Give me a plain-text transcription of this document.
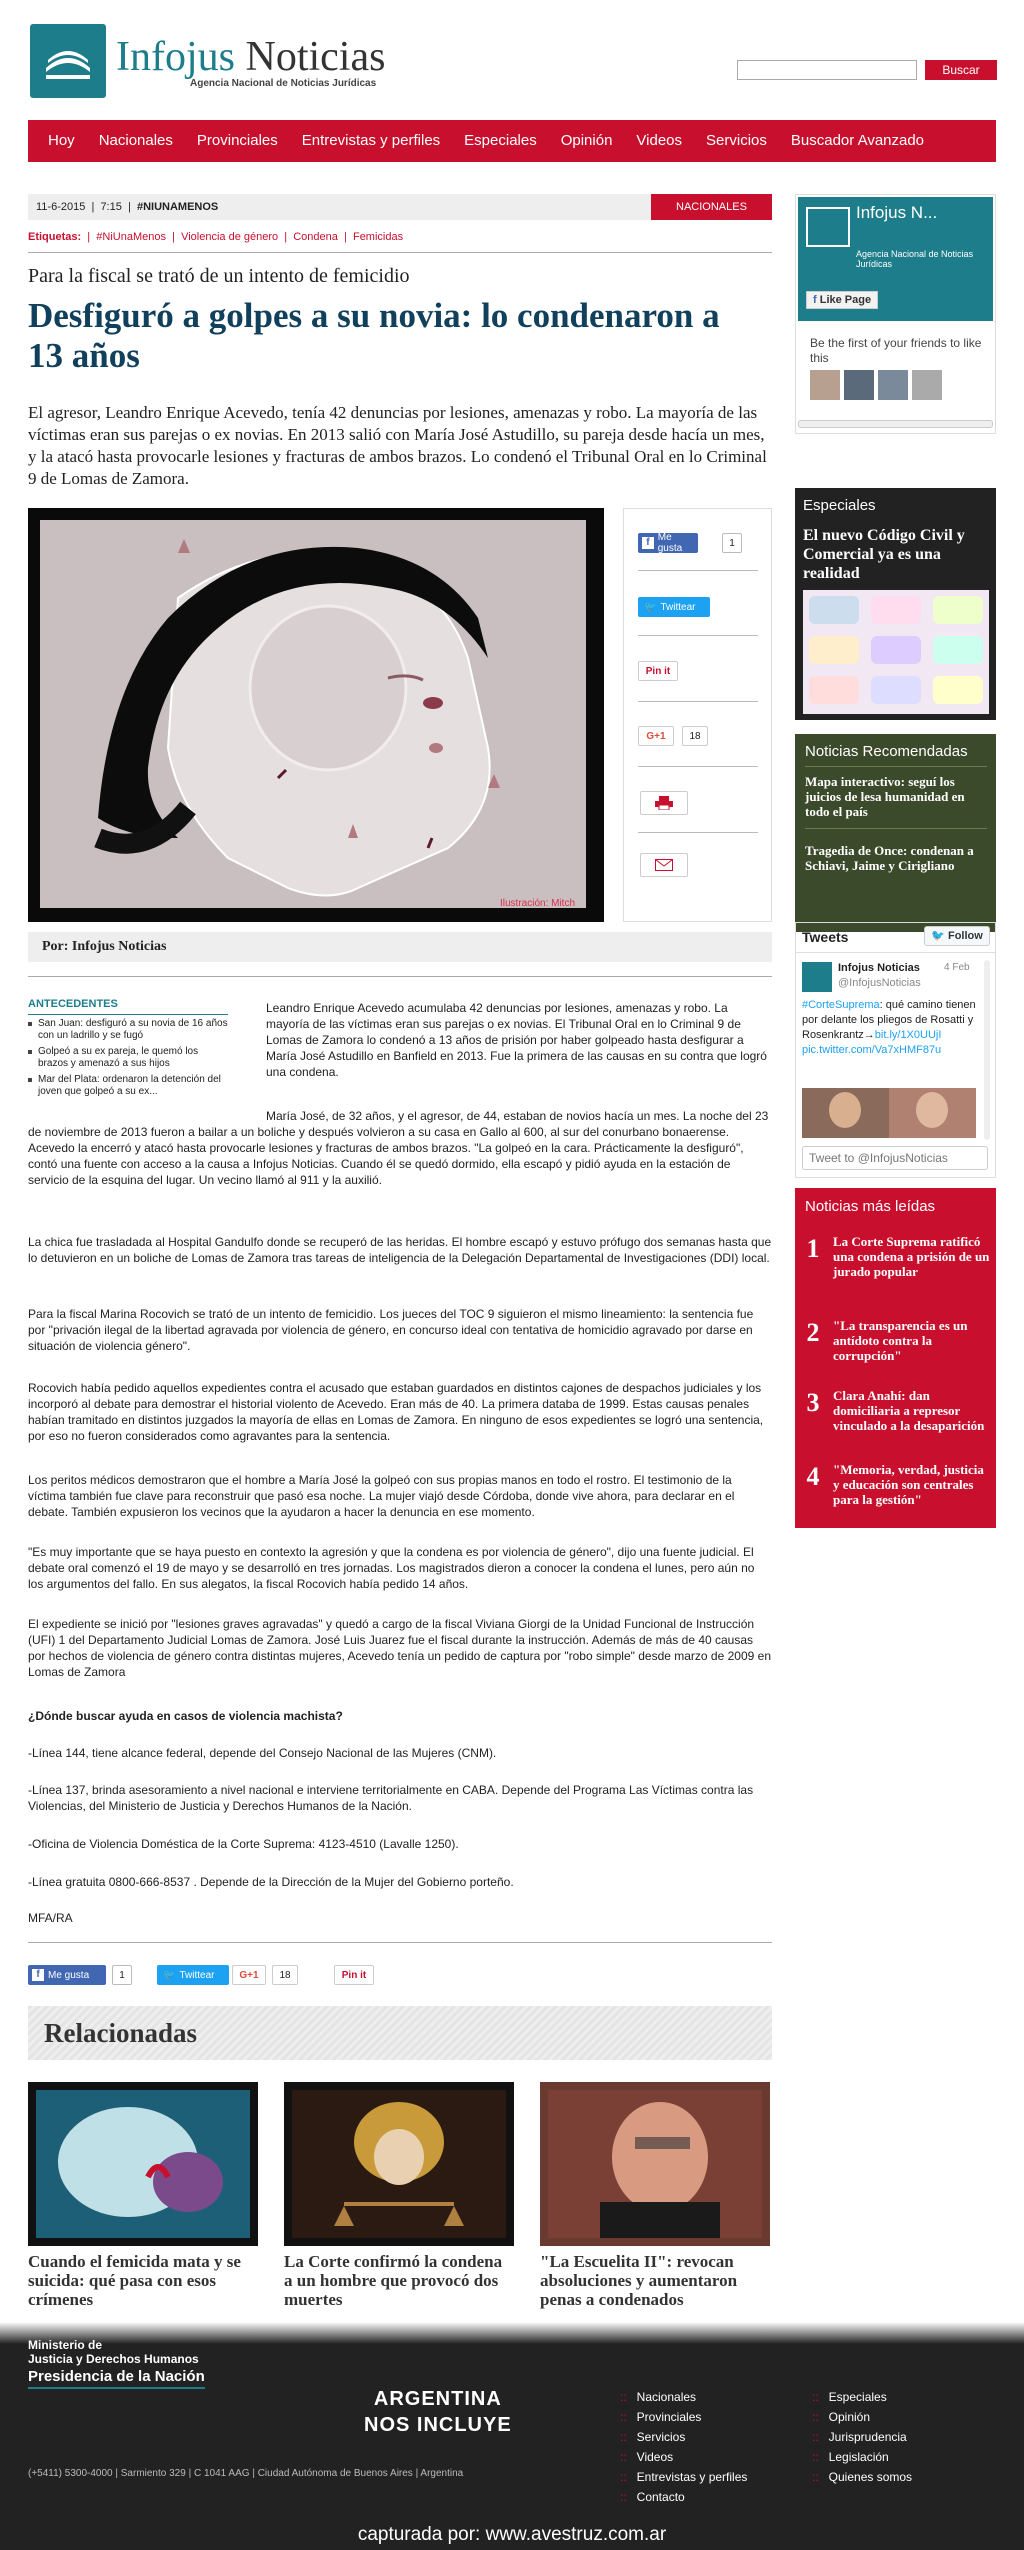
Infojus Noticias
Agencia Nacional de Noticias Jurídicas
Buscar
Hoy	Nacionales	Provinciales	Entrevistas y perfiles	Especiales	Opinión	Videos	Servicios	Buscador Avanzado
11-6-2015  |  7:15  |  #NIUNAMENOS	NACIONALES
Etiquetas:  |  #NiUnaMenos  |  Violencia de género  |  Condena  |  Femicidas
Para la fiscal se trató de un intento de femicidio
Desfiguró a golpes a su novia: lo condenaron a 13 años

El agresor, Leandro Enrique Acevedo, tenía 42 denuncias por lesiones, amenazas y robo. La mayoría de las víctimas eran sus parejas o ex novias. En 2013 salió con María José Astudillo, su pareja desde hacía un mes, y la atacó hasta provocarle lesiones y fracturas de ambos brazos. Lo condenó el Tribunal Oral en lo Criminal 9 de Lomas de Zamora.

Ilustración: Mitch
f Me gusta	1
🐦 Twittear
Pin it
G+1	18
Por: Infojus Noticias
ANTECEDENTES
San Juan: desfiguró a su novia de 16 años con un ladrillo y se fugó
Golpeó a su ex pareja, le quemó los brazos y amenazó a sus hijos
Mar del Plata: ordenaron la detención del joven que golpeó a su ex...

Leandro Enrique Acevedo acumulaba 42 denuncias por lesiones, amenazas y robo. La mayoría de las víctimas eran sus parejas o ex novias. El Tribunal Oral en lo Criminal 9 de Lomas de Zamora lo condenó a 13 años de prisión por haber golpeado hasta desfigurar a María José Astudillo en Banfield en 2013. Fue la primera de las causas en su contra que logró una condena.

María José, de 32 años, y el agresor, de 44, estaban de novios hacía un mes. La noche del 23 de noviembre de 2013 fueron a bailar a un boliche y después volvieron a su casa en Gallo al 600, al sur del conurbano bonaerense. Acevedo la encerró y atacó hasta provocarle lesiones y fracturas de ambos brazos. "La golpeó en la cara. Prácticamente la desfiguró", contó una fuente con acceso a la causa a Infojus Noticias. Cuando él se quedó dormido, ella escapó y pidió ayuda en la estación de servicio de la esquina del lugar. Un vecino llamó al 911 y la auxilió.

La chica fue trasladada al Hospital Gandulfo donde se recuperó de las heridas. El hombre escapó y estuvo prófugo dos semanas hasta que lo detuvieron en un boliche de Lomas de Zamora tras tareas de inteligencia de la Delegación Departamental de Investigaciones (DDI) local.

Para la fiscal Marina Rocovich se trató de un intento de femicidio. Los jueces del TOC 9 siguieron el mismo lineamiento: la sentencia fue por "privación ilegal de la libertad agravada por violencia de género, en concurso ideal con tentativa de homicidio agravado por darse en situación de violencia género".

Rocovich había pedido aquellos expedientes contra el acusado que estaban guardados en distintos cajones de despachos judiciales y los incorporó al debate para demostrar el historial violento de Acevedo. Eran más de 40. La primera databa de 1999. Estas causas penales habían tramitado en distintos juzgados la mayoría de ellas en Lomas de Zamora. En ninguno de esos expedientes se logró una sentencia, por eso no fueron considerados como agravantes para la sentencia.

Los peritos médicos demostraron que el hombre a María José la golpeó con sus propias manos en todo el rostro. El testimonio de la víctima también fue clave para reconstruir que pasó esa noche. La mujer viajó desde Córdoba, donde vive ahora, para declarar en el debate. También expusieron los vecinos que la ayudaron a hacer la denuncia en ese momento.

"Es muy importante que se haya puesto en contexto la agresión y que la condena es por violencia de género", dijo una fuente judicial. El debate oral comenzó el 19 de mayo y se desarrolló en tres jornadas. Los magistrados dieron a conocer la condena el lunes, pero aún no los argumentos del fallo. En sus alegatos, la fiscal Rocovich había pedido 14 años.

El expediente se inició por "lesiones graves agravadas" y quedó a cargo de la fiscal Viviana Giorgi de la Unidad Funcional de Instrucción (UFI) 1 del Departamento Judicial Lomas de Zamora. José Luis Juarez fue el fiscal durante la instrucción. Además de más de 40 causas por hechos de violencia de género contra distintas mujeres, Acevedo tenía un pedido de captura por "robo simple" desde marzo de 2009 en Lomas de Zamora

¿Dónde buscar ayuda en casos de violencia machista?

-Línea 144, tiene alcance federal, depende del Consejo Nacional de las Mujeres (CNM).

-Línea 137, brinda asesoramiento a nivel nacional e interviene territorialmente en CABA. Depende del Programa Las Víctimas contra las Violencias, del Ministerio de Justicia y Derechos Humanos de la Nación.

-Oficina de Violencia Doméstica de la Corte Suprema: 4123-4510 (Lavalle 1250).

-Línea gratuita 0800-666-8537 . Depende de la Dirección de la Mujer del Gobierno porteño.

MFA/RA

f Me gusta	1	🐦 Twittear	G+1	18	Pin it
Relacionadas
Cuando el femicida mata y se suicida: qué pasa con esos crímenes
La Corte confirmó la condena a un hombre que provocó dos muertes
"La Escuelita II": revocan absoluciones y aumentaron penas a condenados
Infojus N...
Agencia Nacional de Noticias Jurídicas
f Like Page
Be the first of your friends to like this
Especiales
El nuevo Código Civil y Comercial ya es una realidad
Noticias Recomendadas
Mapa interactivo: seguí los juicios de lesa humanidad en todo el país
Tragedia de Once: condenan a Schiavi, Jaime y Cirigliano
Tweets	🐦 Follow
Infojus Noticias 4 Feb
@InfojusNoticias
#CorteSuprema: qué camino tienen por delante los pliegos de Rosatti y Rosenkrantz→bit.ly/1X0UUjI
pic.twitter.com/Va7xHMF87u
Tweet to @InfojusNoticias
Noticias más leídas
1	La Corte Suprema ratificó una condena a prisión de un jurado popular
2	"La transparencia es un antídoto contra la corrupción"
3	Clara Anahí: dan domiciliaria a represor vinculado a la desaparición
4	"Memoria, verdad, justicia y educación son centrales para la gestión"
Ministerio de
Justicia y Derechos Humanos
Presidencia de la Nación
ARGENTINA
NOS INCLUYE
(+5411) 5300-4000 | Sarmiento 329 | C 1041 AAG | Ciudad Autónoma de Buenos Aires | Argentina
:: Nacionales
:: Provinciales
:: Servicios
:: Videos
:: Entrevistas y perfiles
:: Contacto
:: Especiales
:: Opinión
:: Jurisprudencia
:: Legislación
:: Quienes somos
capturada por: www.avestruz.com.ar
